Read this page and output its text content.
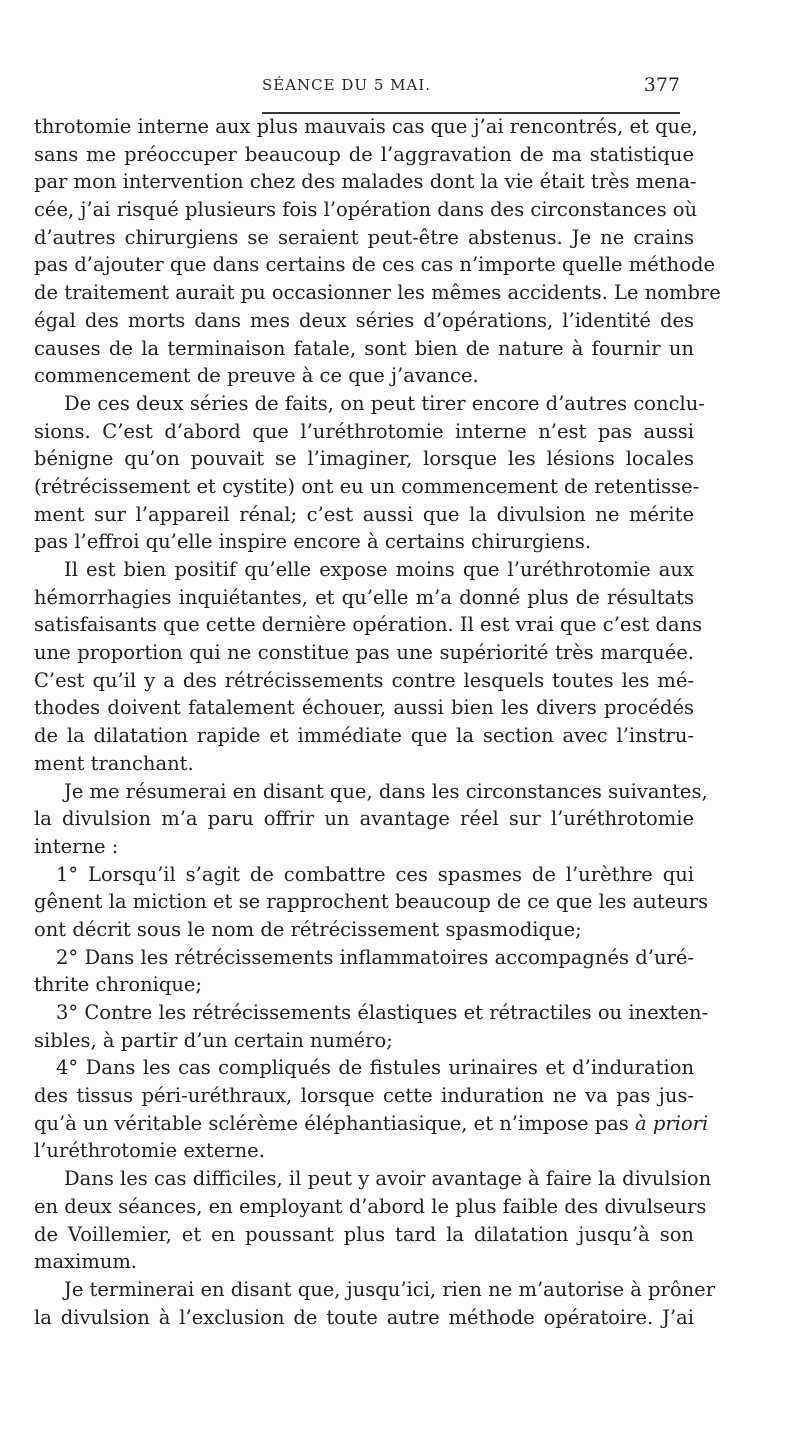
SÉANCE DU 5 MAI.	377
throtomie interne aux plus mauvais cas que j’ai rencontrés, et que,
sans me préoccuper beaucoup de l’aggravation de ma statistique
par mon intervention chez des malades dont la vie était très mena-
cée, j’ai risqué plusieurs fois l’opération dans des circonstances où
d’autres chirurgiens se seraient peut-être abstenus. Je ne crains
pas d’ajouter que dans certains de ces cas n’importe quelle méthode
de traitement aurait pu occasionner les mêmes accidents. Le nombre
égal des morts dans mes deux séries d’opérations, l’identité des
causes de la terminaison fatale, sont bien de nature à fournir un
commencement de preuve à ce que j’avance.
De ces deux séries de faits, on peut tirer encore d’autres conclu-
sions. C’est d’abord que l’uréthrotomie interne n’est pas aussi
bénigne qu’on pouvait se l’imaginer, lorsque les lésions locales
(rétrécissement et cystite) ont eu un commencement de retentisse-
ment sur l’appareil rénal; c’est aussi que la divulsion ne mérite
pas l’effroi qu’elle inspire encore à certains chirurgiens.
Il est bien positif qu’elle expose moins que l’uréthrotomie aux
hémorrhagies inquiétantes, et qu’elle m’a donné plus de résultats
satisfaisants que cette dernière opération. Il est vrai que c’est dans
une proportion qui ne constitue pas une supériorité très marquée.
C’est qu’il y a des rétrécissements contre lesquels toutes les mé-
thodes doivent fatalement échouer, aussi bien les divers procédés
de la dilatation rapide et immédiate que la section avec l’instru-
ment tranchant.
Je me résumerai en disant que, dans les circonstances suivantes,
la divulsion m’a paru offrir un avantage réel sur l’uréthrotomie
interne :
1° Lorsqu’il s’agit de combattre ces spasmes de l’urèthre qui
gênent la miction et se rapprochent beaucoup de ce que les auteurs
ont décrit sous le nom de rétrécissement spasmodique;
2° Dans les rétrécissements inflammatoires accompagnés d’uré-
thrite chronique;
3° Contre les rétrécissements élastiques et rétractiles ou inexten-
sibles, à partir d’un certain numéro;
4° Dans les cas compliqués de fistules urinaires et d’induration
des tissus péri-uréthraux, lorsque cette induration ne va pas jus-
qu’à un véritable sclérème éléphantiasique, et n’impose pas à priori
l’uréthrotomie externe.
Dans les cas difficiles, il peut y avoir avantage à faire la divulsion
en deux séances, en employant d’abord le plus faible des divulseurs
de Voillemier, et en poussant plus tard la dilatation jusqu’à son
maximum.
Je terminerai en disant que, jusqu’ici, rien ne m’autorise à prôner
la divulsion à l’exclusion de toute autre méthode opératoire. J’ai
